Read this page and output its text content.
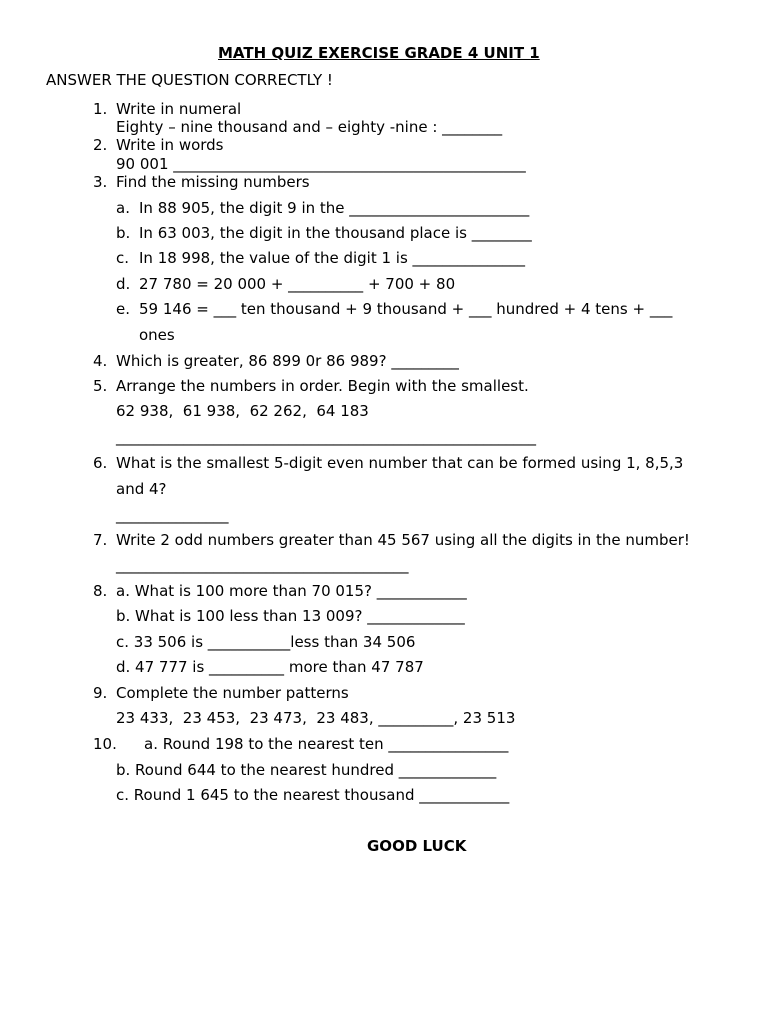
MATH QUIZ EXERCISE GRADE 4 UNIT 1
ANSWER THE QUESTION CORRECTLY !
1. Write in numeral
Eighty – nine thousand and – eighty -nine : ________
2. Write in words
90 001 _______________________________________________
3. Find the missing numbers
a. In 88 905, the digit 9 in the ________________________
b. In 63 003, the digit in the thousand place is ________
c. In 18 998, the value of the digit 1 is _______________
d. 27 780 = 20 000 + __________ + 700 + 80
e. 59 146 = ___ ten thousand + 9 thousand + ___ hundred + 4 tens + ___
ones
4. Which is greater, 86 899 0r 86 989? _________
5. Arrange the numbers in order. Begin with the smallest.
62 938,  61 938,  62 262,  64 183
________________________________________________________
6. What is the smallest 5-digit even number that can be formed using 1, 8,5,3
and 4?
_______________
7. Write 2 odd numbers greater than 45 567 using all the digits in the number!
_______________________________________
8. a. What is 100 more than 70 015? ____________
b. What is 100 less than 13 009? _____________
c. 33 506 is ___________less than 34 506
d. 47 777 is __________ more than 47 787
9. Complete the number patterns
23 433,  23 453,  23 473,  23 483, __________, 23 513
10. a. Round 198 to the nearest ten ________________
b. Round 644 to the nearest hundred _____________
c. Round 1 645 to the nearest thousand ____________
GOOD LUCK
